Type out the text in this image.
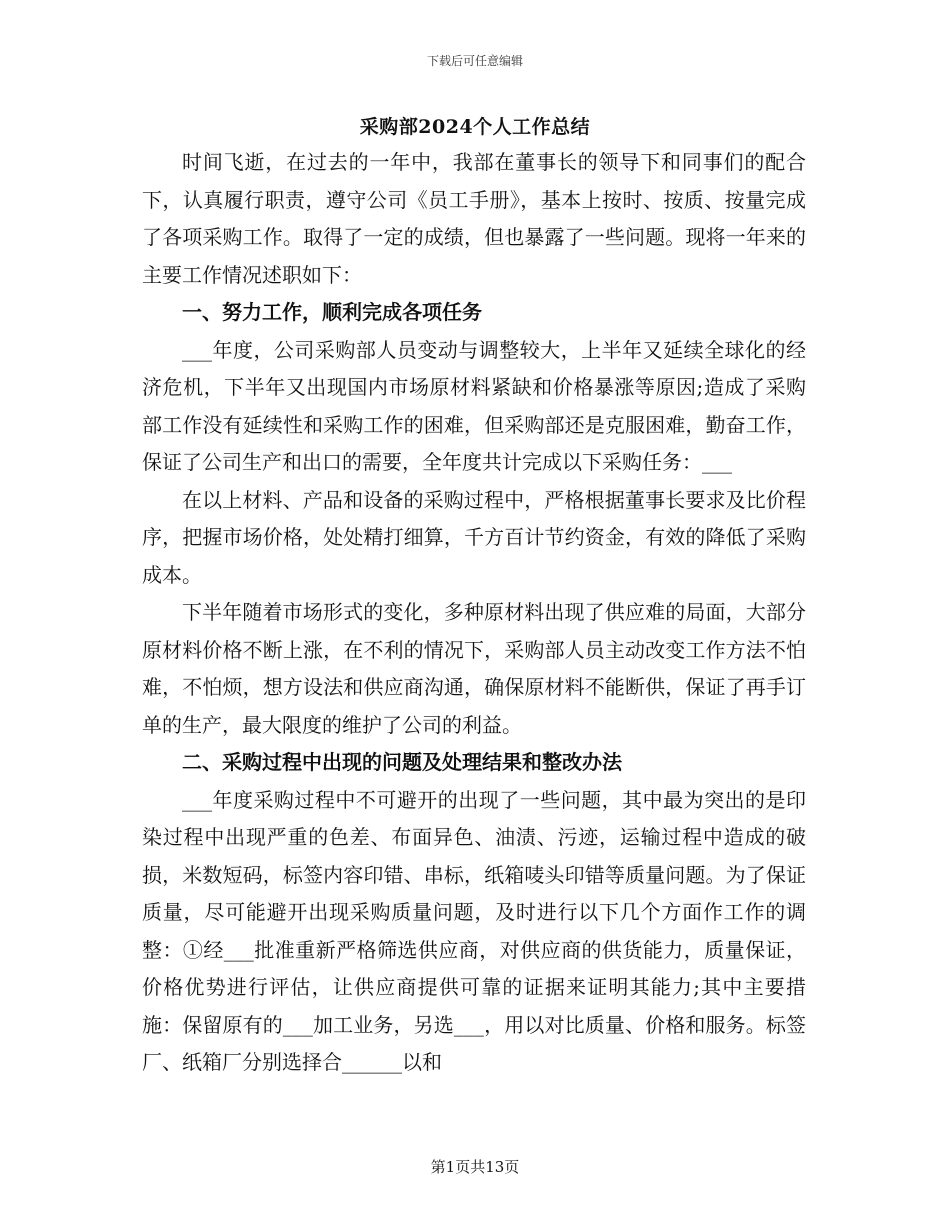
下载后可任意编辑
采购部2024个人工作总结

时间飞逝，在过去的一年中，我部在董事长的领导下和同事们的配合下，认真履行职责，遵守公司《员工手册》，基本上按时、按质、按量完成了各项采购工作。取得了一定的成绩，但也暴露了一些问题。现将一年来的主要工作情况述职如下：

一、努力工作，顺利完成各项任务

___年度，公司采购部人员变动与调整较大，上半年又延续全球化的经济危机，下半年又出现国内市场原材料紧缺和价格暴涨等原因;造成了采购部工作没有延续性和采购工作的困难，但采购部还是克服困难，勤奋工作，保证了公司生产和出口的需要，全年度共计完成以下采购任务：___

在以上材料、产品和设备的采购过程中，严格根据董事长要求及比价程序，把握市场价格，处处精打细算，千方百计节约资金，有效的降低了采购成本。

下半年随着市场形式的变化，多种原材料出现了供应难的局面，大部分原材料价格不断上涨，在不利的情况下，采购部人员主动改变工作方法不怕难，不怕烦，想方设法和供应商沟通，确保原材料不能断供，保证了再手订单的生产，最大限度的维护了公司的利益。

二、采购过程中出现的问题及处理结果和整改办法

___年度采购过程中不可避开的出现了一些问题，其中最为突出的是印染过程中出现严重的色差、布面异色、油渍、污迹，运输过程中造成的破损，米数短码，标签内容印错、串标，纸箱唛头印错等质量问题。为了保证质量，尽可能避开出现采购质量问题，及时进行以下几个方面作工作的调整：①经___批准重新严格筛选供应商，对供应商的供货能力，质量保证，价格优势进行评估，让供应商提供可靠的证据来证明其能力;其中主要措施：保留原有的___加工业务，另选___，用以对比质量、价格和服务。标签厂、纸箱厂分别选择合______以和

第1页共13页
